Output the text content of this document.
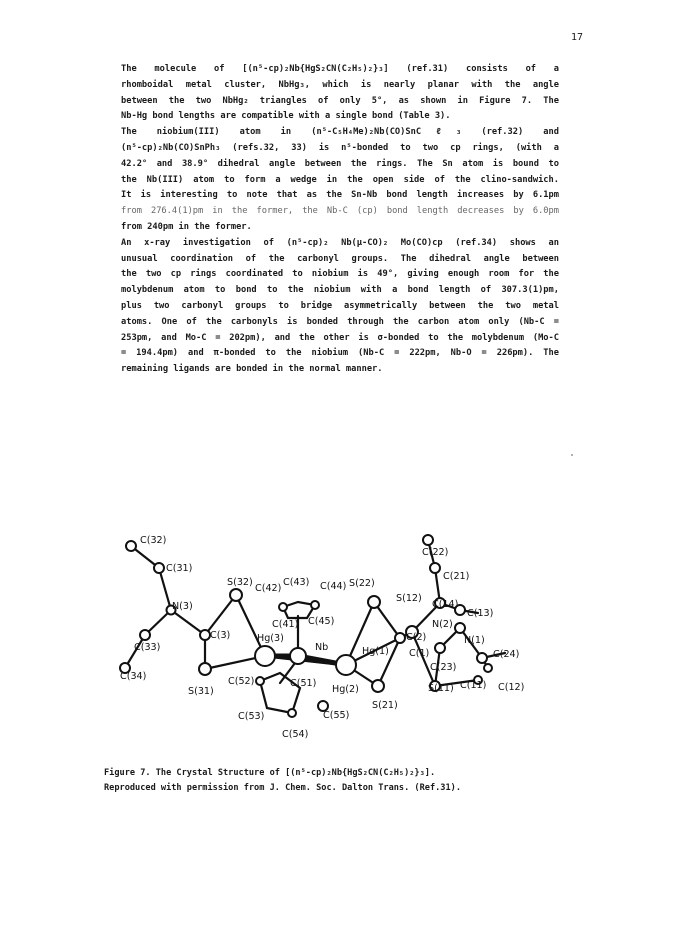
17
The molecule of [(n⁵-cp)₂Nb{HgS₂CN(C₂H₅)₂}₃] (ref.31) consists of a
rhomboidal metal cluster, NbHg₃, which is nearly planar with the angle
between the two NbHg₂ triangles of only 5°, as shown in Figure 7. The
Nb-Hg bond lengths are compatible with a single bond (Table 3).
The niobium(III) atom in (n⁵-C₅H₄Me)₂Nb(CO)SnCℓ₃ (ref.32) and
(n⁵-cp)₂Nb(CO)SnPh₃ (refs.32, 33) is n⁵-bonded to two cp rings, (with a
42.2° and 38.9° dihedral angle between the rings. The Sn atom is bound to
the Nb(III) atom to form a wedge in the open side of the clino-sandwich.
It is interesting to note that as the Sn-Nb bond length increases by 6.1pm
from 276.4(1)pm in the former, the Nb-C (cp) bond length decreases by 6.0pm
from 240pm in the former.
An x-ray investigation of (n⁵-cp)₂ Nb(μ-CO)₂ Mo(CO)cp (ref.34) shows an
unusual coordination of the carbonyl groups. The dihedral angle between
the two cp rings coordinated to niobium is 49°, giving enough room for the
molybdenum atom to bond to the niobium with a bond length of 307.3(1)pm,
plus two carbonyl groups to bridge asymmetrically between the two metal
atoms. One of the carbonyls is bonded through the carbon atom only (Nb-C =
253pm, and Mo-C = 202pm), and the other is σ-bonded to the molybdenum (Mo-C
= 194.4pm) and π-bonded to the niobium (Nb-C = 222pm, Nb-O = 226pm). The
remaining ligands are bonded in the normal manner.
C(32)
C(31)
N(3)
C(3)
C(33)
C(34)
S(32)
C(42)
C(43) C(44) S(22)
C(41) C(45)
Hg(3)
Nb	Hg(1)
Hg(2)
S(31)
C(52)	C(51)
C(53)	C(55)
C(54)
C(22)
C(21)
S(12)
C(14)
C(13)
N(2)
N(1)
C(2)
C(1)	C(24)
C(23)
S(11) C(11) C(12)
S(21)
Figure 7. The Crystal Structure of [(n⁵-cp)₂Nb{HgS₂CN(C₂H₅)₂}₃].
Reproduced with permission from J. Chem. Soc. Dalton Trans. (Ref.31).
